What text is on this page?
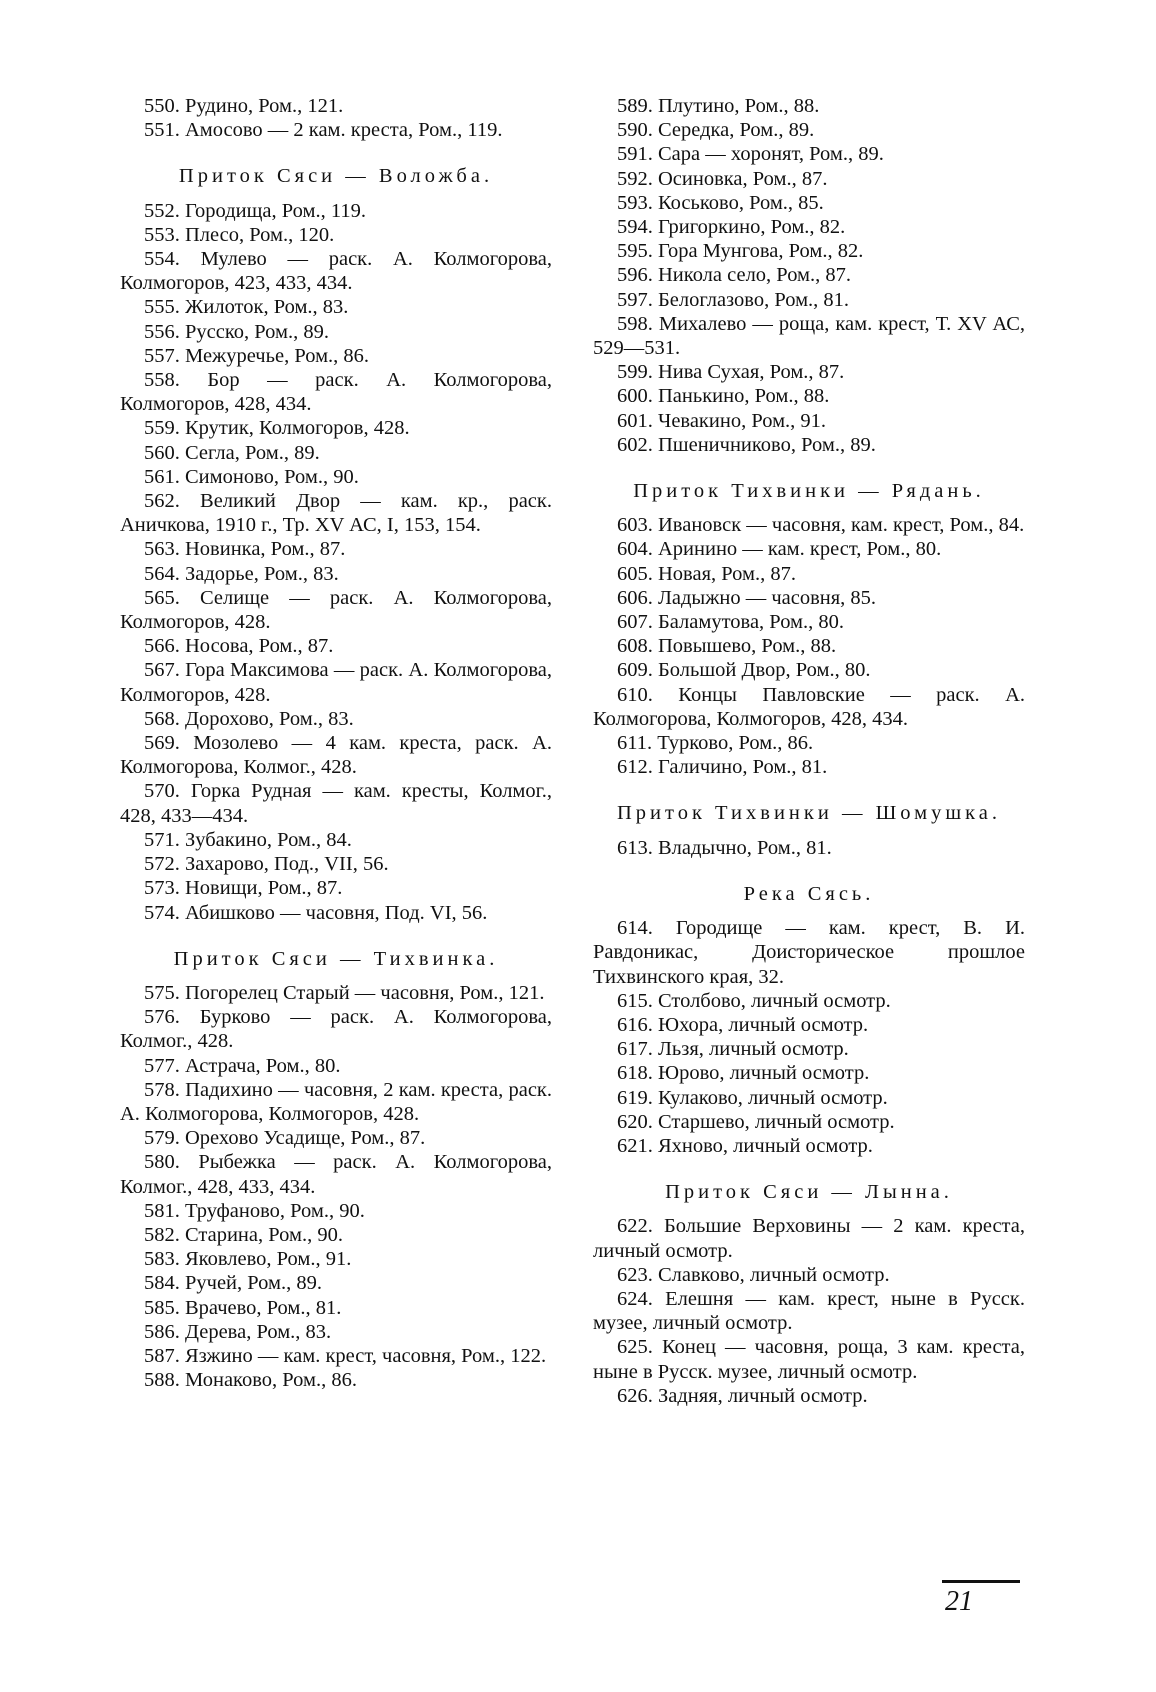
550. Рудино, Ром., 121.
551. Амосово — 2 кам. креста, Ром., 119.
Приток Сяси — Воложба.
552. Городища, Ром., 119.
553. Плесо, Ром., 120.
554. Мулево — раск. А. Колмогорова, Колмогоров, 423, 433, 434.
555. Жилоток, Ром., 83.
556. Русско, Ром., 89.
557. Межуречье, Ром., 86.
558. Бор — раск. А. Колмогорова, Колмогоров, 428, 434.
559. Крутик, Колмогоров, 428.
560. Сегла, Ром., 89.
561. Симоново, Ром., 90.
562. Великий Двор — кам. кр., раск. Аничкова, 1910 г., Тр. XV АС, I, 153, 154.
563. Новинка, Ром., 87.
564. Задорье, Ром., 83.
565. Селище — раск. А. Колмогорова, Колмогоров, 428.
566. Носова, Ром., 87.
567. Гора Максимова — раск. А. Колмогорова, Колмогоров, 428.
568. Дорохово, Ром., 83.
569. Мозолево — 4 кам. креста, раск. А. Колмогорова, Колмог., 428.
570. Горка Рудная — кам. кресты, Колмог., 428, 433—434.
571. Зубакино, Ром., 84.
572. Захарово, Под., VII, 56.
573. Новищи, Ром., 87.
574. Абишково — часовня, Под. VI, 56.
Приток Сяси — Тихвинка.
575. Погорелец Старый — часовня, Ром., 121.
576. Бурково — раск. А. Колмогорова, Колмог., 428.
577. Астрача, Ром., 80.
578. Падихино — часовня, 2 кам. креста, раск. А. Колмогорова, Колмогоров, 428.
579. Орехово Усадище, Ром., 87.
580. Рыбежка — раск. А. Колмогорова, Колмог., 428, 433, 434.
581. Труфаново, Ром., 90.
582. Старина, Ром., 90.
583. Яковлево, Ром., 91.
584. Ручей, Ром., 89.
585. Врачево, Ром., 81.
586. Дерева, Ром., 83.
587. Язжино — кам. крест, часовня, Ром., 122.
588. Монаково, Ром., 86.
589. Плутино, Ром., 88.
590. Середка, Ром., 89.
591. Сара — хоронят, Ром., 89.
592. Осиновка, Ром., 87.
593. Коськово, Ром., 85.
594. Григоркино, Ром., 82.
595. Гора Мунгова, Ром., 82.
596. Никола село, Ром., 87.
597. Белоглазово, Ром., 81.
598. Михалево — роща, кам. крест, Т. XV АС, 529—531.
599. Нива Сухая, Ром., 87.
600. Панькино, Ром., 88.
601. Чевакино, Ром., 91.
602. Пшеничниково, Ром., 89.
Приток Тихвинки — Рядань.
603. Ивановск — часовня, кам. крест, Ром., 84.
604. Аринино — кам. крест, Ром., 80.
605. Новая, Ром., 87.
606. Ладыжно — часовня, 85.
607. Баламутова, Ром., 80.
608. Повышево, Ром., 88.
609. Большой Двор, Ром., 80.
610. Концы Павловские — раск. А. Колмогорова, Колмогоров, 428, 434.
611. Турково, Ром., 86.
612. Галичино, Ром., 81.
Приток Тихвинки — Шомушка.
613. Владычно, Ром., 81.
Река Сясь.
614. Городище — кам. крест, В. И. Равдоникас, Доисторическое прошлое Тихвинского края, 32.
615. Столбово, личный осмотр.
616. Юхора, личный осмотр.
617. Льзя, личный осмотр.
618. Юрово, личный осмотр.
619. Кулаково, личный осмотр.
620. Старшево, личный осмотр.
621. Яхново, личный осмотр.
Приток Сяси — Лынна.
622. Большие Верховины — 2 кам. креста, личный осмотр.
623. Славково, личный осмотр.
624. Елешня — кам. крест, ныне в Русск. музее, личный осмотр.
625. Конец — часовня, роща, 3 кам. креста, ныне в Русск. музее, личный осмотр.
626. Задняя, личный осмотр.
21
